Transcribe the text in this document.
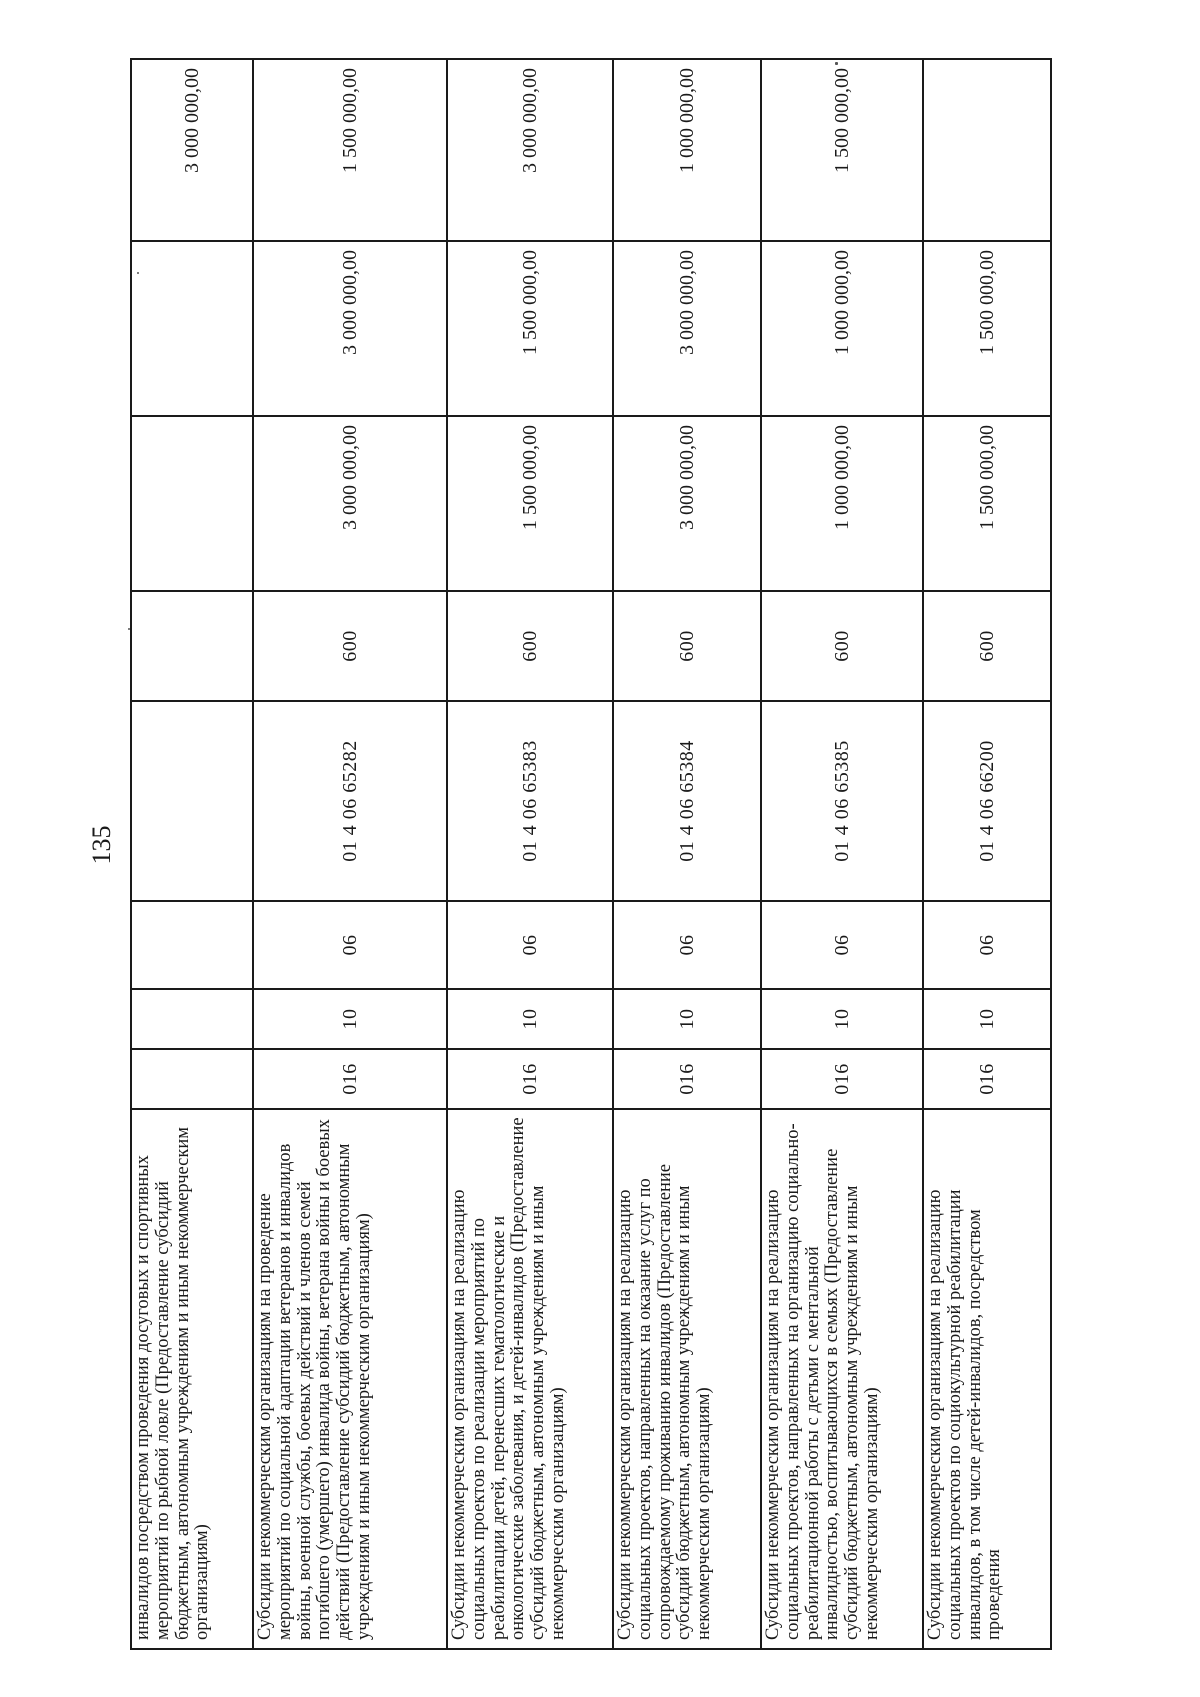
135
инвалидов посредством проведения досуговых и спортивных мероприятий по рыбной ловле (Предоставление субсидий бюджетным, автономным учреждениям и иным некоммерческим организациям)								3 000 000,00
Субсидии некоммерческим организациям на проведение мероприятий по социальной адаптации ветеранов и инвалидов войны, военной службы, боевых действий и членов семей погибшего (умершего) инвалида войны, ветерана войны и боевых действий (Предоставление субсидий бюджетным, автономным учреждениям и иным некоммерческим организациям)	016	10	06	01 4 06 65282	600	3 000 000,00	3 000 000,00	1 500 000,00
Субсидии некоммерческим организациям на реализацию социальных проектов по реализации мероприятий по реабилитации детей, перенесших гематологические и онкологические заболевания, и детей-инвалидов (Предоставление субсидий бюджетным, автономным учреждениям и иным некоммерческим организациям)	016	10	06	01 4 06 65383	600	1 500 000,00	1 500 000,00	3 000 000,00
Субсидии некоммерческим организациям на реализацию социальных проектов, направленных на оказание услуг по сопровождаемому проживанию инвалидов (Предоставление субсидий бюджетным, автономным учреждениям и иным некоммерческим организациям)	016	10	06	01 4 06 65384	600	3 000 000,00	3 000 000,00	1 000 000,00
Субсидии некоммерческим организациям на реализацию социальных проектов, направленных на организацию социально-реабилитационной работы с детьми с ментальной инвалидностью, воспитывающихся в семьях (Предоставление субсидий бюджетным, автономным учреждениям и иным некоммерческим организациям)	016	10	06	01 4 06 65385	600	1 000 000,00	1 000 000,00	1 500 000,00
Субсидии некоммерческим организациям на реализацию социальных проектов по социокультурной реабилитации инвалидов, в том числе детей-инвалидов, посредством проведения	016	10	06	01 4 06 66200	600	1 500 000,00	1 500 000,00	
